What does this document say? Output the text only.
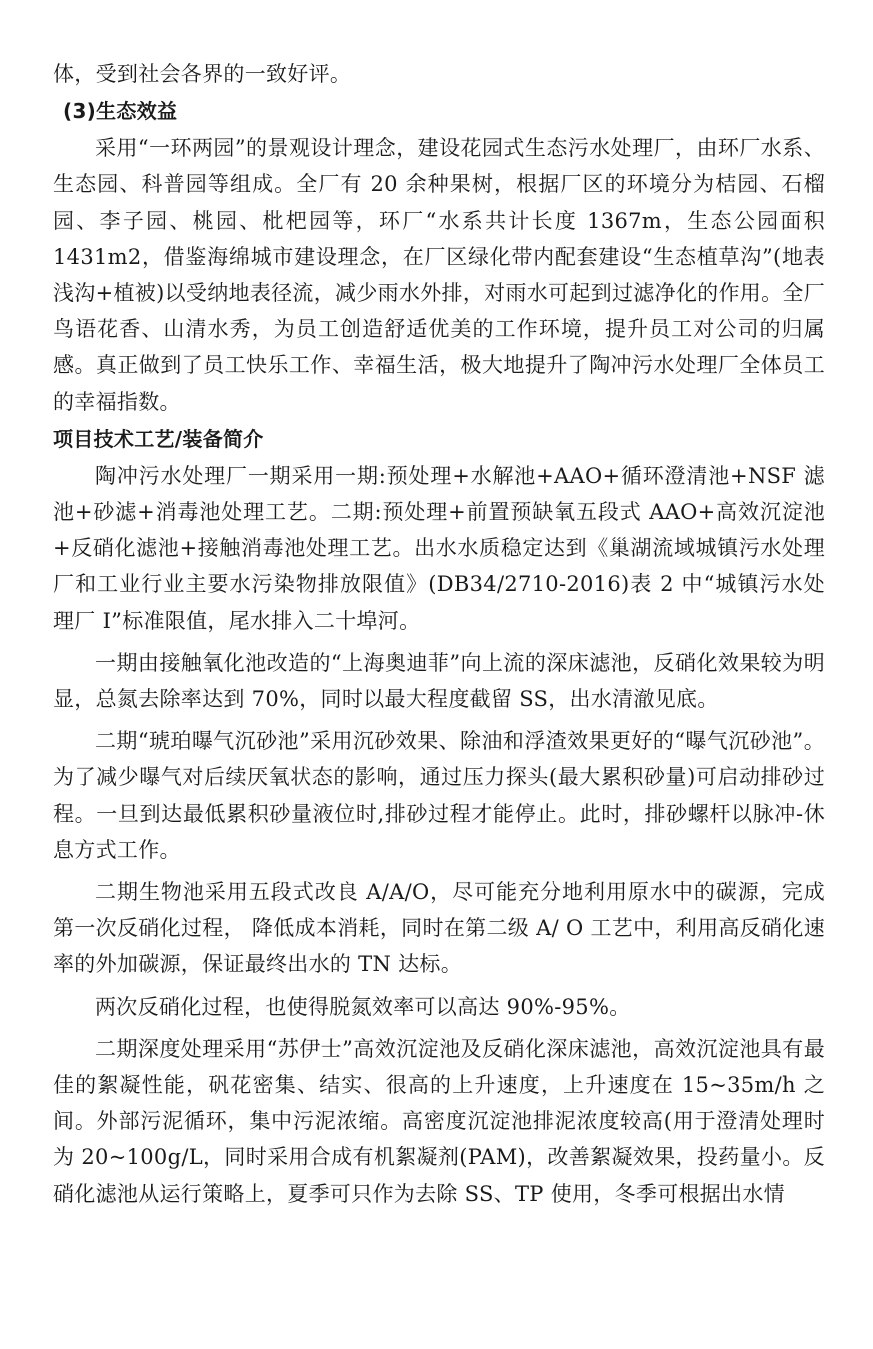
体，受到社会各界的一致好评。

(3)生态效益

采用“一环两园”的景观设计理念，建设花园式生态污水处理厂，由环厂水系、生态园、科普园等组成。全厂有 20 余种果树，根据厂区的环境分为桔园、石榴园、李子园、桃园、枇杷园等，环厂“水系共计长度 1367m，生态公园面积 1431m2，借鉴海绵城市建设理念，在厂区绿化带内配套建设“生态植草沟”(地表浅沟+植被)以受纳地表径流，减少雨水外排，对雨水可起到过滤净化的作用。全厂鸟语花香、山清水秀，为员工创造舒适优美的工作环境，提升员工对公司的归属感。真正做到了员工快乐工作、幸福生活，极大地提升了陶冲污水处理厂全体员工的幸福指数。

项目技术工艺/装备简介

陶冲污水处理厂一期采用一期:预处理+水解池+AAO+循环澄清池+NSF 滤池+砂滤+消毒池处理工艺。二期:预处理+前置预缺氧五段式 AAO+高效沉淀池+反硝化滤池+接触消毒池处理工艺。出水水质稳定达到《巢湖流域城镇污水处理厂和工业行业主要水污染物排放限值》(DB34/2710-2016)表 2 中“城镇污水处理厂 I”标准限值，尾水排入二十埠河。

一期由接触氧化池改造的“上海奥迪菲”向上流的深床滤池，反硝化效果较为明显，总氮去除率达到 70%，同时以最大程度截留 SS，出水清澈见底。

二期“琥珀曝气沉砂池”采用沉砂效果、除油和浮渣效果更好的“曝气沉砂池”。为了减少曝气对后续厌氧状态的影响，通过压力探头(最大累积砂量)可启动排砂过程。一旦到达最低累积砂量液位时,排砂过程才能停止。此时，排砂螺杆以脉冲-休息方式工作。

二期生物池采用五段式改良 A/A/O，尽可能充分地利用原水中的碳源，完成第一次反硝化过程， 降低成本消耗，同时在第二级 A/ O 工艺中，利用高反硝化速率的外加碳源，保证最终出水的 TN 达标。

两次反硝化过程，也使得脱氮效率可以高达 90%-95%。

二期深度处理采用“苏伊士”高效沉淀池及反硝化深床滤池，高效沉淀池具有最佳的絮凝性能，矾花密集、结实、很高的上升速度，上升速度在 15~35m/h 之间。外部污泥循环，集中污泥浓缩。高密度沉淀池排泥浓度较高(用于澄清处理时为 20~100g/L，同时采用合成有机絮凝剂(PAM)，改善絮凝效果，投药量小。反硝化滤池从运行策略上，夏季可只作为去除 SS、TP 使用，冬季可根据出水情
